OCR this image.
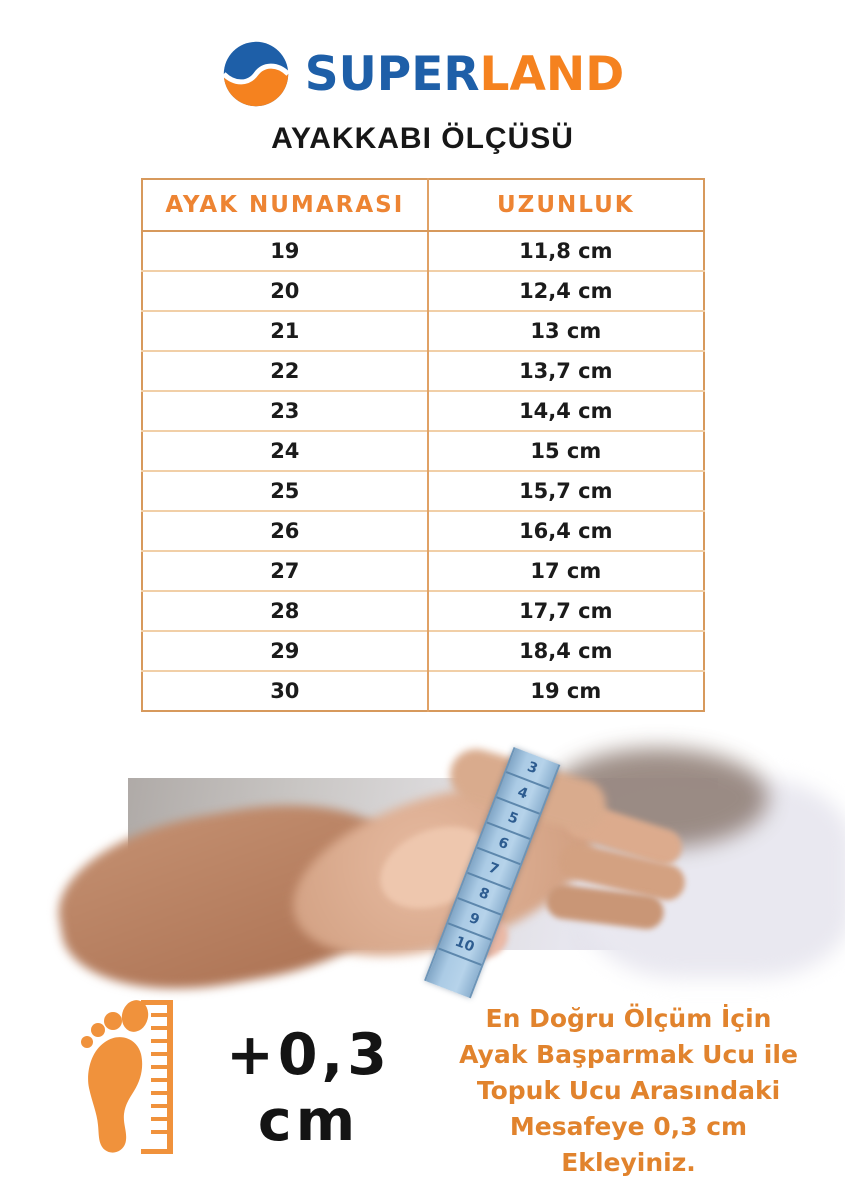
SUPER LAND
AYAKKABI ÖLÇÜSÜ
AYAK NUMARASI	UZUNLUK
19	11,8 cm
20	12,4 cm
21	13 cm
22	13,7 cm
23	14,4 cm
24	15 cm
25	15,7 cm
26	16,4 cm
27	17 cm
28	17,7 cm
29	18,4 cm
30	19 cm
3
4
5
6
7
8
9
10
+0,3 cm
En Doğru Ölçüm İçin
Ayak Başparmak Ucu ile
Topuk Ucu Arasındaki
Mesafeye 0,3 cm Ekleyiniz.
